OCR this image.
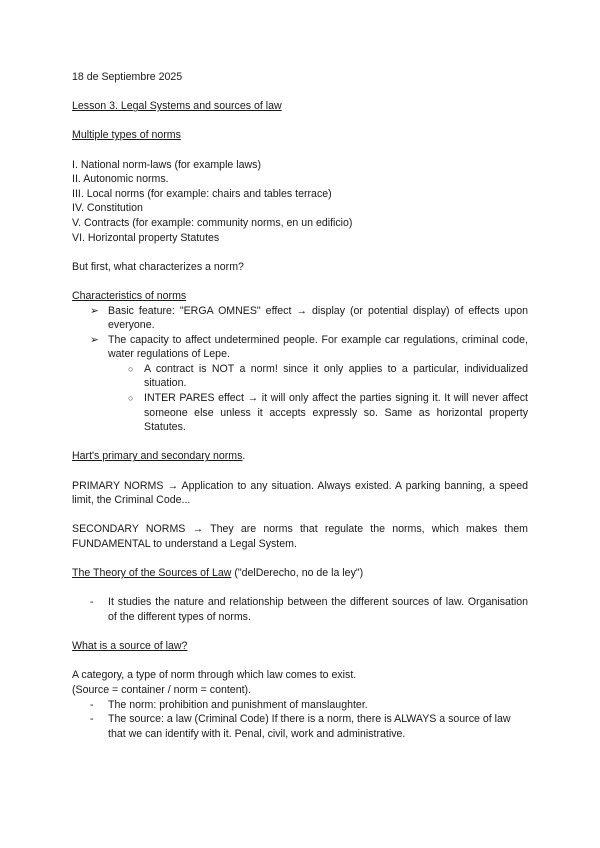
18 de Septiembre 2025

Lesson 3. Legal Systems and sources of law

Multiple types of norms

I. National norm-laws (for example laws)

II. Autonomic norms.

III. Local norms (for example: chairs and tables terrace)

IV. Constitution

V. Contracts (for example: community norms, en un edificio)

VI. Horizontal property Statutes

But first, what characterizes a norm?

Characteristics of norms

➢ Basic feature: "ERGA OMNES" effect → display (or potential display) of effects upon everyone.
➢ The capacity to affect undetermined people. For example car regulations, criminal code, water regulations of Lepe.
○ A contract is NOT a norm! since it only applies to a particular, individualized situation.
○ INTER PARES effect → it will only affect the parties signing it. It will never affect someone else unless it accepts expressly so. Same as horizontal property Statutes.

Hart's primary and secondary norms.

PRIMARY NORMS → Application to any situation. Always existed. A parking banning, a speed limit, the Criminal Code...

SECONDARY NORMS → They are norms that regulate the norms, which makes them FUNDAMENTAL to understand a Legal System.

The Theory of the Sources of Law ("delDerecho, no de la ley")

- It studies the nature and relationship between the different sources of law. Organisation of the different types of norms.

What is a source of law?

A category, a type of norm through which law comes to exist.

(Source = container / norm = content).

- The norm: prohibition and punishment of manslaughter.
- The source: a law (Criminal Code) If there is a norm, there is ALWAYS a source of law that we can identify with it. Penal, civil, work and administrative.
